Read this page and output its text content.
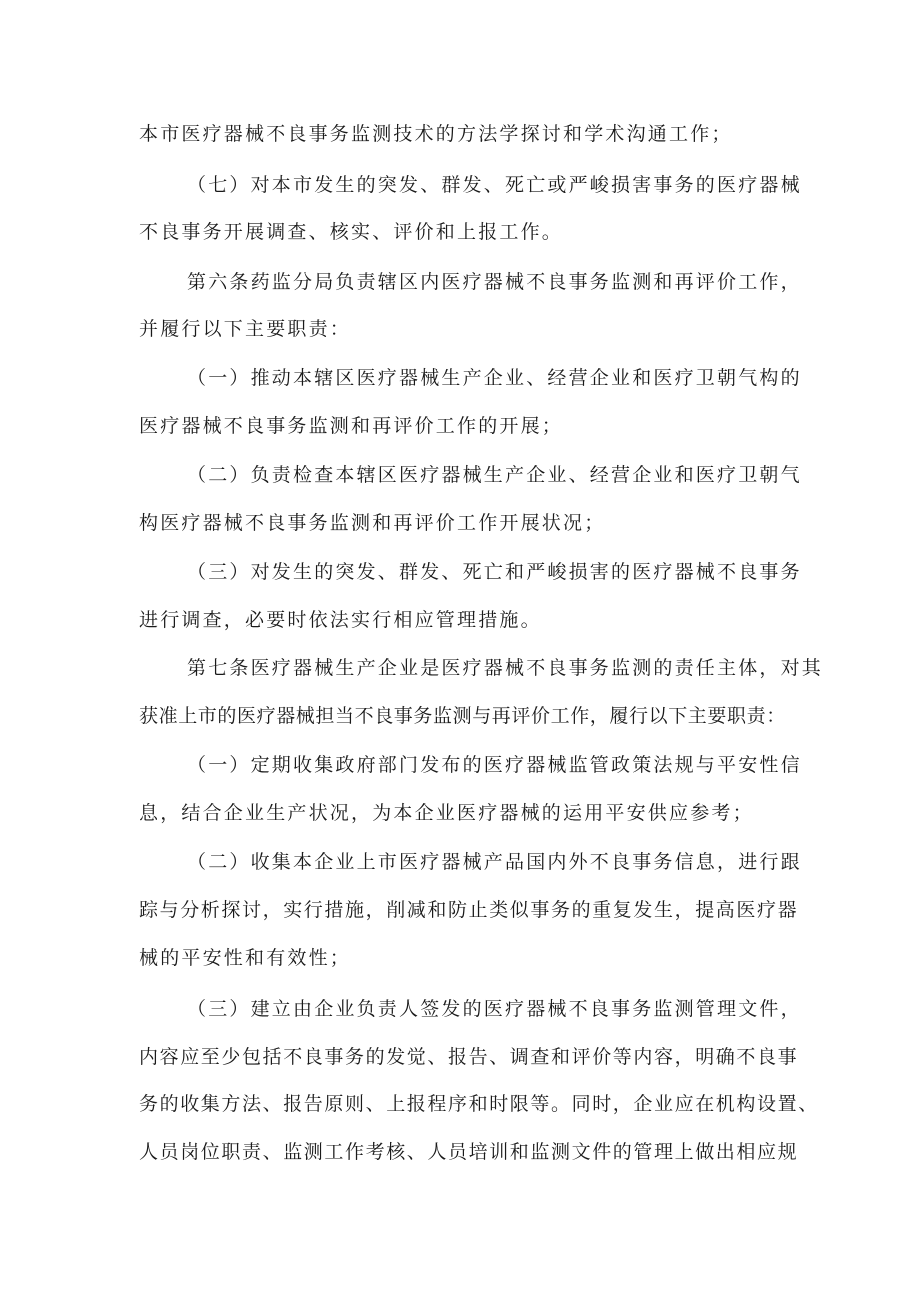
本市医疗器械不良事务监测技术的方法学探讨和学术沟通工作；
（七）对本市发生的突发、群发、死亡或严峻损害事务的医疗器械
不良事务开展调查、核实、评价和上报工作。
第六条药监分局负责辖区内医疗器械不良事务监测和再评价工作，
并履行以下主要职责：
（一）推动本辖区医疗器械生产企业、经营企业和医疗卫朝气构的
医疗器械不良事务监测和再评价工作的开展；
（二）负责检查本辖区医疗器械生产企业、经营企业和医疗卫朝气
构医疗器械不良事务监测和再评价工作开展状况；
（三）对发生的突发、群发、死亡和严峻损害的医疗器械不良事务
进行调查，必要时依法实行相应管理措施。
第七条医疗器械生产企业是医疗器械不良事务监测的责任主体，对其
获准上市的医疗器械担当不良事务监测与再评价工作，履行以下主要职责：
（一）定期收集政府部门发布的医疗器械监管政策法规与平安性信
息，结合企业生产状况，为本企业医疗器械的运用平安供应参考；
（二）收集本企业上市医疗器械产品国内外不良事务信息，进行跟
踪与分析探讨，实行措施，削减和防止类似事务的重复发生，提高医疗器
械的平安性和有效性；
（三）建立由企业负责人签发的医疗器械不良事务监测管理文件，
内容应至少包括不良事务的发觉、报告、调查和评价等内容，明确不良事
务的收集方法、报告原则、上报程序和时限等。同时，企业应在机构设置、
人员岗位职责、监测工作考核、人员培训和监测文件的管理上做出相应规
